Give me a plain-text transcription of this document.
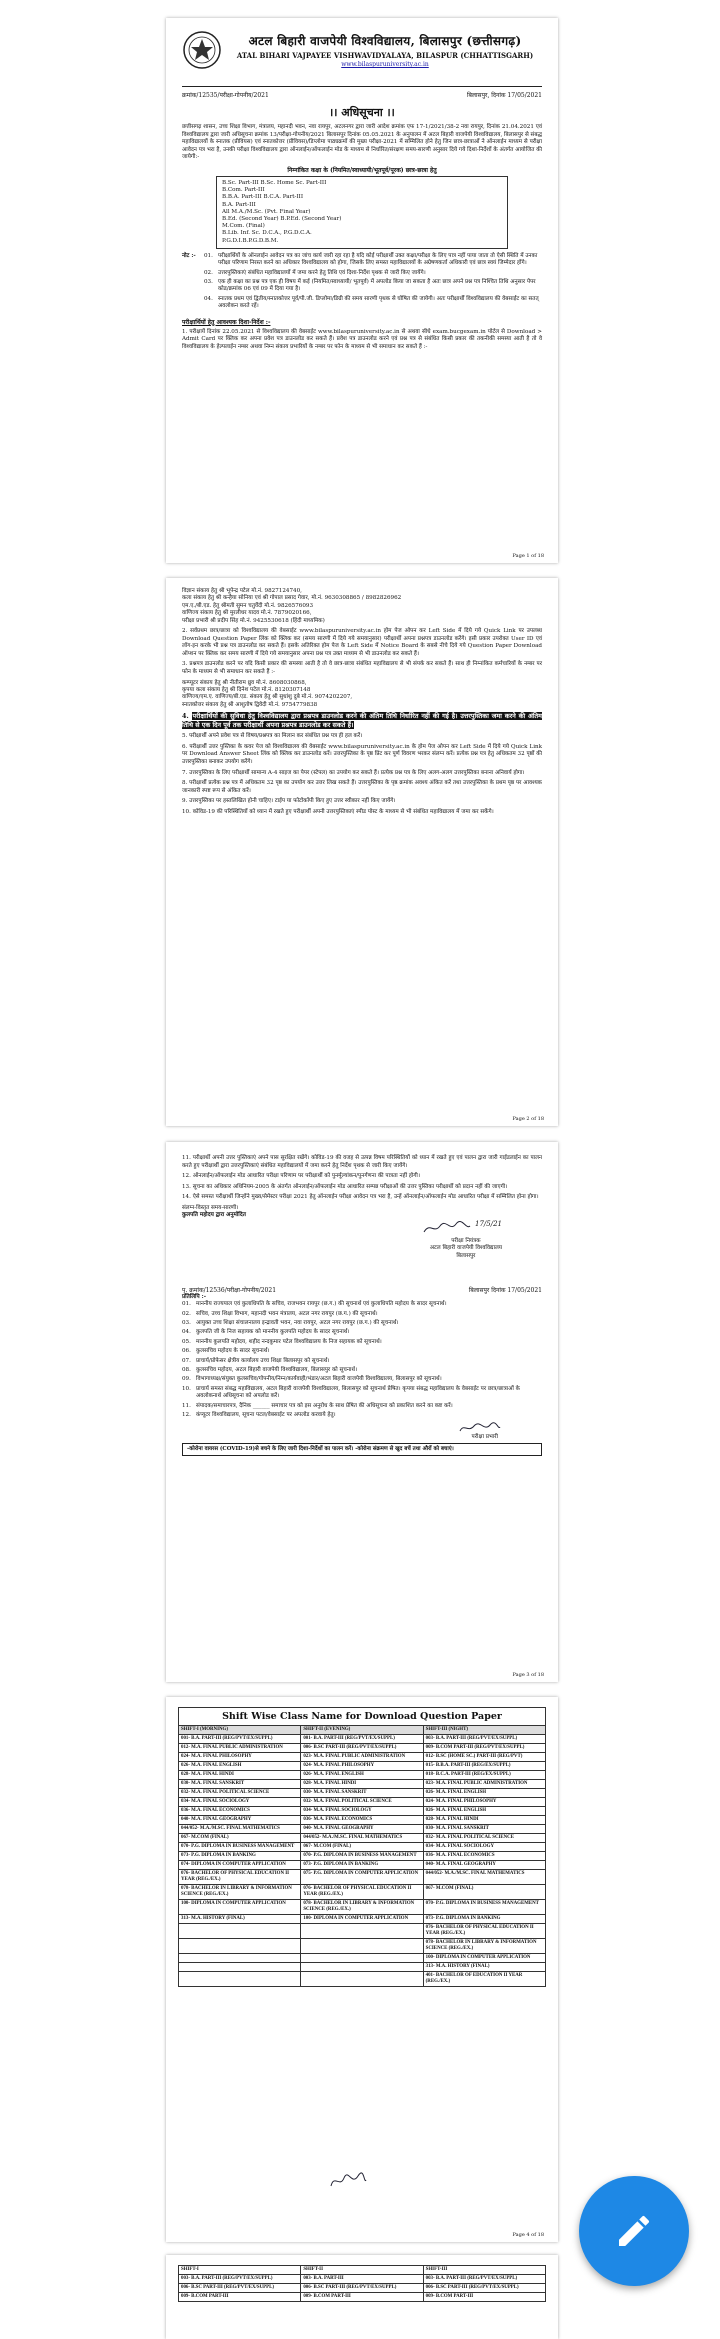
अटल बिहारी वाजपेयी विश्वविद्यालय, बिलासपुर (छत्तीसगढ़)
ATAL BIHARI VAJPAYEE VISHWAVIDYALAYA, BILASPUR (CHHATTISGARH)
www.bilaspuruniversity.ac.in
क्रमांक/12535/परीक्षा-गोपनीय/2021	बिलासपुर, दिनांक 17/05/2021
।। अधिसूचना ।।
छत्तीसगढ़ शासन, उच्च शिक्षा विभाग, मंत्रालय, महानदी भवन, नवा रायपुर, अटलनगर द्वारा जारी आदेश क्रमांक एफ 17-1/2021/38-2 नवा रायपुर, दिनांक 21.04.2021 एवं विश्वविद्यालय द्वारा जारी अधिसूचना क्रमांक 13/परीक्षा-गोपनीय/2021 बिलासपुर दिनांक 05.05.2021 के अनुपालन में अटल बिहारी वाजपेयी विश्वविद्यालय, बिलासपुर से संबद्ध महाविद्यालयों के स्नातक (प्रीवियस) एवं स्नातकोत्तर (प्रीवियस)/डिप्लोमा पाठ्यक्रमों की मुख्य परीक्षा-2021 में सम्मिलित होने हेतु जिन छात्र-छात्राओं ने ऑनलाईन माध्यम से परीक्षा आवेदन पत्र भरा है, उनकी परीक्षा विश्वविद्यालय द्वारा ऑनलाईन/ऑफलाईन मोड के माध्यम से निर्धारित/संरक्षण समय-सारणी अनुसार दिये गये दिशा-निर्देशों के अंतर्गत आयोजित की जायेगी:-
निम्नांकित कक्षा के (नियमित/स्वाध्यायी/भूतपूर्व/पूरक) छात्र-छात्रा हेतु
B.Sc. Part-III B.Sc. Home Sc. Part-III
B.Com. Part-III
B.B.A. Part-III B.C.A. Part-III
B.A. Part-III
All M.A./M.Sc. (Pvt. Final Year)
B.Ed. (Second Year) B.P.Ed. (Second Year)
M.Com. (Final)
B.Lib. Inf. Sc. D.C.A., P.G.D.C.A.
P.G.D.I.B.P.G.D.B.M.
नोट :-	01. परीक्षार्थियों के ऑनलाईन आवेदन पत्र का जांच कार्य जारी रहा रहा है यदि कोई परीक्षार्थी उक्त कक्षा/परीक्षा के लिए पात्र नहीं पाया जाता तो ऐसी स्थिति में उनका परीक्षा परिणाम निरस्त करने का अधिकार विश्वविद्यालय को होगा, जिसके लिए समस्त महाविद्यालयों के अग्रेषणकर्ता अधिकारी एवं छात्र स्वयं जिम्मेदार होंगे।
02. उत्तरपुस्तिकाएं संबंधित महाविद्यालयों में जमा करने हेतु तिथि एवं दिशा-निर्देश पृथक से जारी किए जायेंगे।
03. एक ही कक्षा का प्रश्न पत्र एक ही विषय में कई (नियमित/स्वाध्यायी/ भूतपूर्व) में अपलोड किया जा सकता है अतः छात्र अपने प्रश्न पत्र निश्चित तिथि अनुसार पेपर कोड/क्रमांक 06 एवं 09 में दिया गया है।
04. स्नातक प्रथम एवं द्वितीय/स्नातकोत्तर पूर्व/पी.जी. डिप्लोमा/डिग्री की समय सारणी पृथक से घोषित की जायेगी। अतः परीक्षार्थी विश्वविद्यालय की वेबसाईट का सतत् अवलोकन करते रहें।
परीक्षार्थियों हेतु आवश्यक दिशा-निर्देश :-
1. परीक्षायें दिनांक 22.05.2021 से विश्वविद्यालय की वेबसाईट www.bilaspuruniversity.ac.in से अथवा सीधे exam.bucgexam.in पोर्टल से Download > Admit Card पर क्लिक कर अपना प्रवेश पत्र डाउनलोड कर सकते हैं। प्रवेश पत्र डाउनलोड करने एवं प्रश्न पत्र से संबंधित किसी प्रकार की तकनीकी समस्या आती है तो वे विश्वविद्यालय के हेल्पलाईन नम्बर अथवा निम्न संकाय प्रभारियों के नम्बर पर फोन के माध्यम से भी समाधान कर सकते हैं :-
Page 1 of 18
विज्ञान संकाय हेतु श्री भूपेन्द्र पटेल मो.नं. 9827124740,
कला संकाय हेतु श्री कन्हैया सोनिया एवं श्री गोपाल प्रसाद गेवार, मो.नं. 9630308865 / 8982826962
एम.ए./बी.एड. हेतु श्रीमती सुमन चतुर्वेदी मो.नं. 9826576093
वाणिज्य संकाय हेतु श्री मुरलीधर यादव मो.नं. 7879020166,
परीक्षा प्रभारी श्री प्रदीप सिंह मो.नं. 9425530618 (हिंदी माध्यमिक)
2. सर्वप्रथम छात्र/छात्रा को विश्वविद्यालय की वेबसाईट www.bilaspuruniversity.ac.in होम पेज ओपन कर Left Side में दिये गये Quick Link पर उपलब्ध Download Question Paper लिंक को क्लिक कर (समय सारणी में दिये गये समयानुसार) परीक्षार्थी अपना प्रश्नपत्र डाउनलोड करेंगे। इसी प्रकार उपरोक्त User ID एवं लॉग-इन करके भी प्रश्न पत्र डाउनलोड कर सकते हैं। इसके अतिरिक्त होम पेज के Left Side में Notice Board के सबसे नीचे दिये गये Question Paper Download ऑप्शन पर क्लिक कर समय सारणी में दिये गये समयानुसार अपना प्रश्न पत्र उक्त माध्यम से भी डाउनलोड कर सकते हैं।
3. प्रश्नपत्र डाउनलोड करने पर यदि किसी प्रकार की समस्या आती है तो वे छात्र-छात्रा संबंधित महाविद्यालय से भी संपर्क कर सकते हैं। साथ ही निम्नांकित कर्मचारियों के नम्बर पर फोन के माध्यम से भी समाधान कर सकते हैं :-
कम्प्यूटर संकाय हेतु श्री नीतीराम ध्रुव मो.नं. 8608030868,
कृपया कला संकाय हेतु श्री दिनेश पटेल मो.नं. 8120307148
वाणिज्य/एम.ए. वाणिज्य/बी.एड. संकाय हेतु श्री सुधांशु दुबे मो.नं. 9074202207,
स्नातकोत्तर संकाय हेतु श्री आशुतोष द्विवेदी मो.नं. 9754779838
4. परीक्षार्थियों की सुविधा हेतु विश्वविद्यालय द्वारा प्रश्नपत्र डाउनलोड करने की अंतिम तिथि निर्धारित नहीं की गई है। उत्तरपुस्तिका जमा करने की अंतिम तिथि से एक दिन पूर्व तक परीक्षार्थी अपना प्रश्नपत्र डाउनलोड कर सकते हैं।
5. परीक्षार्थी अपने प्रवेश पत्र से विषय/प्रश्नपत्र का मिलान कर संबंधित प्रश्न पत्र ही हल करें।
6. परीक्षार्थी उत्तर पुस्तिका के कवर पेज को विश्वविद्यालय की वेबसाईट www.bilaspuruniversity.ac.in के होम पेज ओपन कर Left Side में दिये गये Quick Link पर Download Answer Sheet लिंक को क्लिक कर डाउनलोड करें। उत्तरपुस्तिका के पृष्ठ प्रिंट कर पूर्ण विवरण भरकर संलग्न करें। प्रत्येक प्रश्न पत्र हेतु अधिकतम 32 पृष्ठों की उत्तरपुस्तिका बनाकर उपयोग करेंगे।
7. उत्तरपुस्तिका के लिए परीक्षार्थी सामान्य A-4 साइज का पेपर (स्टेपल) का उपयोग कर सकते हैं। प्रत्येक प्रश्न पत्र के लिए अलग-अलग उत्तरपुस्तिका बनाना अनिवार्य होगा।
8. परीक्षार्थी प्रत्येक प्रश्न पत्र में अधिकतम 32 पृष्ठ का उपयोग कर उत्तर लिख सकते हैं। उत्तरपुस्तिका के पृष्ठ क्रमांक अवश्य अंकित करें तथा उत्तरपुस्तिका के प्रथम पृष्ठ पर आवश्यक जानकारी स्पष्ट रूप से अंकित करें।
9. उत्तरपुस्तिका पर हस्तलिखित होनी चाहिए। टाईप या फोटोकॉपी किए हुए उत्तर स्वीकार नहीं किए जायेंगे।
10. कोविड-19 की परिस्थितियों को ध्यान में रखते हुए परीक्षार्थी अपनी उत्तरपुस्तिकाएं स्पीड पोस्ट के माध्यम से भी संबंधित महाविद्यालय में जमा कर सकेंगे।
Page 2 of 18
11. परीक्षार्थी अपनी उत्तर पुस्तिकाएं अपने पास सुरक्षित रखेंगे। कोविड-19 की वजह से उत्पन्न विषम परिस्थितियों को ध्यान में रखते हुए एवं पालन द्वारा जारी गाईडलाईन का पालन करते हुए परीक्षार्थी द्वारा उत्तरपुस्तिकाएं संबंधित महाविद्यालयों में जमा करने हेतु निर्देश पृथक से जारी किए जायेंगे।
12. ऑनलाईन/ऑफलाईन मोड आधारित परीक्षा परिणाम पर परीक्षार्थी को पुनर्मूल्यांकन/पुनर्गणना की पात्रता नहीं होगी।
13. सूचना का अधिकार अधिनियम-2005 के अंतर्गत ऑनलाईन/ऑफलाईन मोड आधारित सम्पन्न परीक्षाओं की उत्तर पुस्तिका परीक्षार्थी को प्रदान नहीं की जाएगी।
14. ऐसे समस्त परीक्षार्थी जिन्होंने मुख्य/सेमेस्टर परीक्षा 2021 हेतु ऑनलाईन परीक्षा आवेदन पत्र भरा है, उन्हें ऑनलाईन/ऑफलाईन मोड आधारित परीक्षा में सम्मिलित होना होगा।
संलग्न-विस्तृत समय-सारणी।
कुलपति महोदय द्वारा अनुमोदित
17/5/21
परीक्षा नियंत्रक
अटल बिहारी वाजपेयी विश्वविद्यालय
बिलासपुर
पृ. क्रमांक/12536/परीक्षा-गोपनीय/2021	बिलासपुर दिनांक 17/05/2021
प्रतिलिपि :-
01. माननीय राज्यपाल एवं कुलाधिपति के सचिव, राजभवन रायपुर (छ.ग.) की सूचनार्थ एवं कुलाधिपति महोदय के सादर सूचनार्थ।
02. सचिव, उच्च शिक्षा विभाग, महानदी भवन मंत्रालय, अटल नगर रायपुर (छ.ग.) की सूचनार्थ।
03. आयुक्त उच्च शिक्षा संचालनालय इन्द्रावती भवन, नवा रायपुर, अटल नगर रायपुर (छ.ग.) की सूचनार्थ।
04. कुलपति जी के निज सहायक को माननीय कुलपति महोदय के सादर सूचनार्थ।
05. माननीय कुलपति महोदय, शहीद नन्दकुमार पटेल विश्वविद्यालय के निज सहायक को सूचनार्थ।
06. कुलसचिव महोदय के सादर सूचनार्थ।
07. प्राचार्य/प्रोफेसर क्षेत्रीय कार्यालय उच्च शिक्षा बिलासपुर को सूचनार्थ।
08. कुलसचिव महोदय, अटल बिहारी वाजपेयी विश्वविद्यालय, बिलासपुर को सूचनार्थ।
09. विभागाध्यक्ष/संयुक्त कुलसचिव/गोपनीय/निम्न/कार्यवाही/भंडार/अटल बिहारी वाजपेयी विश्वविद्यालय, बिलासपुर को सूचनार्थ।
10. प्राचार्य समस्त संबद्ध महाविद्यालय, अटल बिहारी वाजपेयी विश्वविद्यालय, बिलासपुर को सूचनार्थ प्रेषित। कृपया संबद्ध महाविद्यालय के वेबसाईट पर छात्र/छात्राओं के अवलोकनार्थ अधिसूचना को अपलोड करें।
11. संपादक/समाचारपत्र, दैनिक ______ समाचार पत्र को इस अनुरोध के साथ प्रेषित की अधिसूचना को प्रकाशित करने का कष्ट करें।
12. कंप्यूटर विश्वविद्यालय, सूचना पटल/वेबसाईट पर अपलोड करवाये हेतु।
परीक्षा प्रभारी
-कोरोना वायरस (COVID-19)से बचने के लिए जारी दिशा-निर्देशों का पालन करें। -कोरोना संक्रमण से खुद बचें तथा औरों को बचाएं।
Page 3 of 18
Shift Wise Class Name for Download Question Paper
SHIFT-I (MORNING)	SHIFT-II (EVENING)	SHIFT-III (NIGHT)
001- B.A. PART-III (REG/PVT/EX/SUPPL)	001- B.A. PART-III (REG/PVT/EX/SUPPL)	003- B.A. PART-III (REG/PVT/EX/SUPPL)
012- M.A. FINAL PUBLIC ADMINISTRATION	006- B.SC PART-III (REG/PVT/EX/SUPPL)	009- B.COM PART-III (REG/PVT/EX/SUPPL)
024- M.A. FINAL PHILOSOPHY	023- M.A. FINAL PUBLIC ADMINISTRATION	012- B.SC (HOME SC.) PART-III (REG/PVT)
026- M.A. FINAL ENGLISH	024- M.A. FINAL PHILOSOPHY	015- B.B.A. PART-III (REG/EX/SUPPL)
028- M.A. FINAL HINDI	026- M.A. FINAL ENGLISH	018- B.C.A. PART-III (REG/EX/SUPPL)
030- M.A. FINAL SANSKRIT	028- M.A. FINAL HINDI	023- M.A. FINAL PUBLIC ADMINISTRATION
032- M.A. FINAL POLITICAL SCIENCE	030- M.A. FINAL SANSKRIT	026- M.A. FINAL ENGLISH
034- M.A. FINAL SOCIOLOGY	032- M.A. FINAL POLITICAL SCIENCE	024- M.A. FINAL PHILOSOPHY
036- M.A. FINAL ECONOMICS	034- M.A. FINAL SOCIOLOGY	026- M.A. FINAL ENGLISH
040- M.A. FINAL GEOGRAPHY	036- M.A. FINAL ECONOMICS	028- M.A. FINAL HINDI
044/052- M.A./M.SC. FINAL MATHEMATICS	040- M.A. FINAL GEOGRAPHY	030- M.A. FINAL SANSKRIT
067- M.COM (FINAL)	044/052- M.A./M.SC. FINAL MATHEMATICS	032- M.A. FINAL POLITICAL SCIENCE
070- P.G. DIPLOMA IN BUSINESS MANAGEMENT	067- M.COM (FINAL)	034- M.A. FINAL SOCIOLOGY
073- P.G. DIPLOMA IN BANKING	070- P.G. DIPLOMA IN BUSINESS MANAGEMENT	036- M.A. FINAL ECONOMICS
074- DIPLOMA IN COMPUTER APPLICATION	073- P.G. DIPLOMA IN BANKING	040- M.A. FINAL GEOGRAPHY
076- BACHELOR OF PHYSICAL EDUCATION II YEAR (REG./EX.)	075- P.G. DIPLOMA IN COMPUTER APPLICATION	044/052- M.A./M.SC. FINAL MATHEMATICS
078- BACHELOR IN LIBRARY & INFORMATION SCIENCE (REG./EX.)	076- BACHELOR OF PHYSICAL EDUCATION II YEAR (REG./EX.)	067- M.COM (FINAL)
100- DIPLOMA IN COMPUTER APPLICATION	078- BACHELOR IN LIBRARY & INFORMATION SCIENCE (REG./EX.)	070- P.G. DIPLOMA IN BUSINESS MANAGEMENT
313- M.A. HISTORY (FINAL)	100- DIPLOMA IN COMPUTER APPLICATION	073- P.G. DIPLOMA IN BANKING
		076- BACHELOR OF PHYSICAL EDUCATION II YEAR (REG./EX.)
		078- BACHELOR IN LIBRARY & INFORMATION SCIENCE (REG./EX.)
		100- DIPLOMA IN COMPUTER APPLICATION
		313- M.A. HISTORY (FINAL)
		401- BACHELOR OF EDUCATION II YEAR (REG./EX.)
Page 4 of 18
SHIFT-I	SHIFT-II	SHIFT-III
003- B.A. PART-III (REG/PVT/EX/SUPPL)	003- B.A. PART-III	003- B.A. PART-III (REG/PVT/EX/SUPPL)
006- B.SC PART-III (REG/PVT/EX/SUPPL)	006- B.SC PART-III (REG/PVT/EX/SUPPL)	006- B.SC PART-III (REG/PVT/EX/SUPPL)
009- B.COM PART-III	009- B.COM PART-III	009- B.COM PART-III
